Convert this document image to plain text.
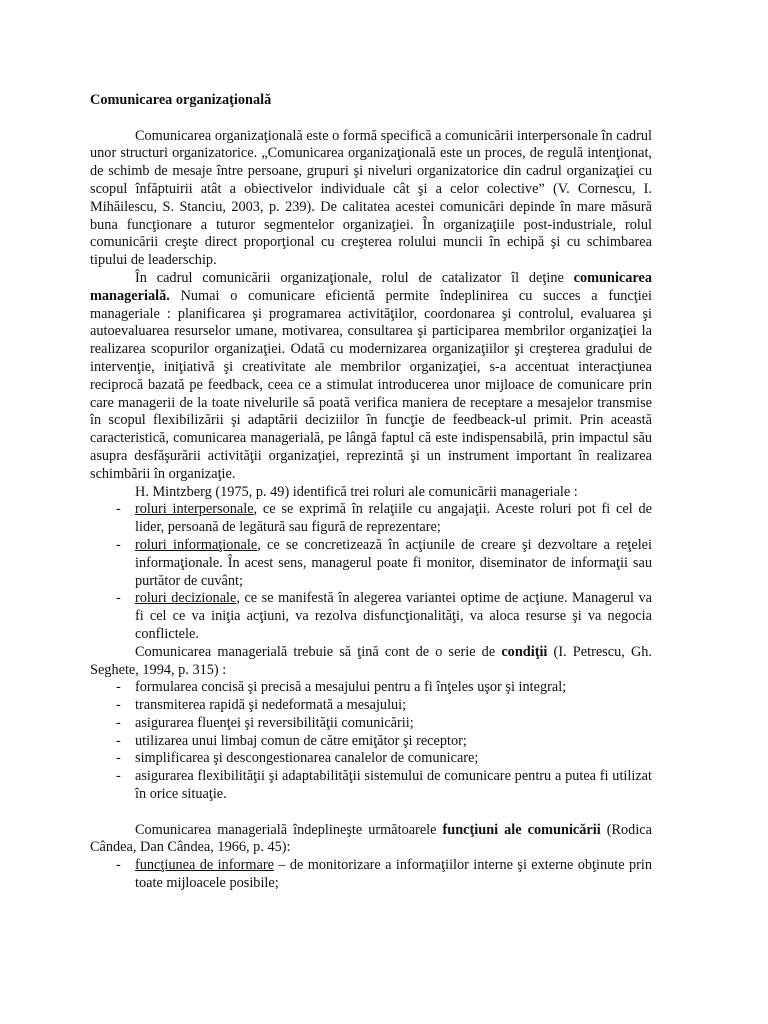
Comunicarea organizaţională

Comunicarea organizaţională este o formă specifică a comunicării interpersonale în cadrul unor structuri organizatorice. „Comunicarea organizaţională este un proces, de regulă intenţionat, de schimb de mesaje între persoane, grupuri şi niveluri organizatorice din cadrul organizaţiei cu scopul înfăptuirii atât a obiectivelor individuale cât şi a celor colective” (V. Cornescu, I. Mihăilescu, S. Stanciu, 2003, p. 239). De calitatea acestei comunicări depinde în mare măsură buna funcţionare a tuturor segmentelor organizaţiei. În organizaţiile post-industriale, rolul comunicării creşte direct proporţional cu creşterea rolului muncii în echipă şi cu schimbarea tipului de leaderschip.

În cadrul comunicării organizaţionale, rolul de catalizator îl deţine comunicarea managerială. Numai o comunicare eficientă permite îndeplinirea cu succes a funcţiei manageriale : planificarea şi programarea activităţilor, coordonarea şi controlul, evaluarea şi autoevaluarea resurselor umane, motivarea, consultarea şi participarea membrilor organizaţiei la realizarea scopurilor organizaţiei. Odată cu modernizarea organizaţiilor şi creşterea gradului de intervenţie, iniţiativă şi creativitate ale membrilor organizaţiei, s-a accentuat interacţiunea reciprocă bazată pe feedback, ceea ce a stimulat introducerea unor mijloace de comunicare prin care managerii de la toate nivelurile să poată verifica maniera de receptare a mesajelor transmise în scopul flexibilizării şi adaptării deciziilor în funcţie de feedbeack-ul primit. Prin această caracteristică, comunicarea managerială, pe lângă faptul că este indispensabilă, prin impactul său asupra desfăşurării activităţii organizaţiei, reprezintă şi un instrument important în realizarea schimbării în organizaţie.

H. Mintzberg (1975, p. 49) identifică trei roluri ale comunicării manageriale :

- roluri interpersonale, ce se exprimă în relaţiile cu angajaţii. Aceste roluri pot fi cel de lider, persoană de legătură sau figură de reprezentare;
- roluri informaţionale, ce se concretizează în acţiunile de creare şi dezvoltare a reţelei informaţionale. În acest sens, managerul poate fi monitor, diseminator de informaţii sau purtător de cuvânt;
- roluri decizionale, ce se manifestă în alegerea variantei optime de acţiune. Managerul va fi cel ce va iniţia acţiuni, va rezolva disfuncţionalităţi, va aloca resurse şi va negocia conflictele.

Comunicarea managerială trebuie să ţină cont de o serie de condiţii (I. Petrescu, Gh. Seghete, 1994, p. 315) :

- formularea concisă şi precisă a mesajului pentru a fi înţeles uşor şi integral;
- transmiterea rapidă şi nedeformată a mesajului;
- asigurarea fluenţei şi reversibilităţii comunicării;
- utilizarea unui limbaj comun de către emiţător şi receptor;
- simplificarea şi descongestionarea canalelor de comunicare;
- asigurarea flexibilităţii şi adaptabilităţii sistemului de comunicare pentru a putea fi utilizat în orice situaţie.

Comunicarea managerială îndeplineşte următoarele funcţiuni ale comunicării (Rodica Cândea, Dan Cândea, 1966, p. 45):

- funcţiunea de informare – de monitorizare a informaţiilor interne şi externe obţinute prin toate mijloacele posibile;
